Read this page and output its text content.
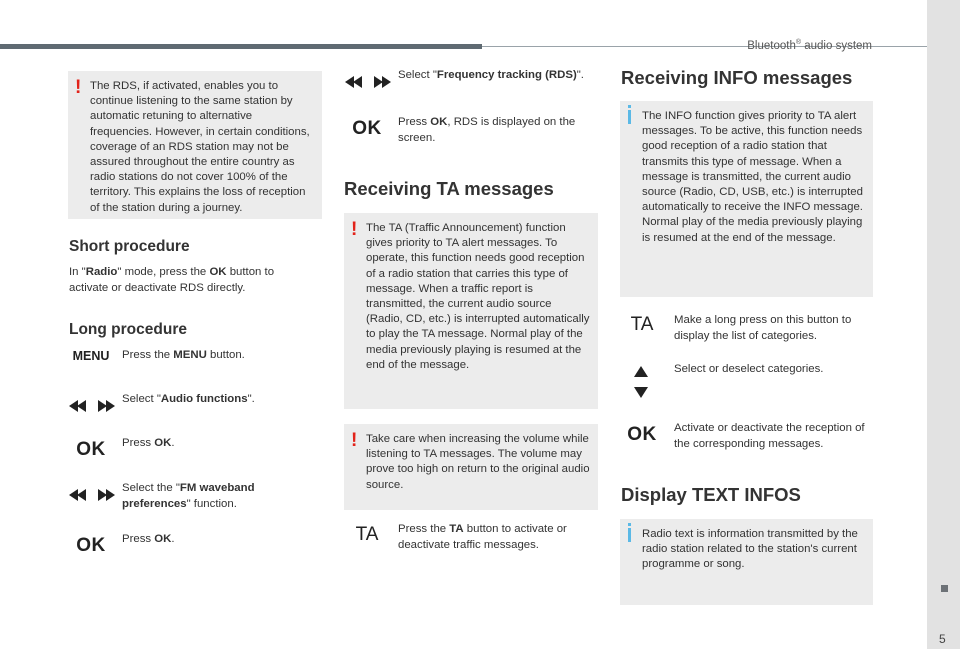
Bluetooth® audio system
5
! The RDS, if activated, enables you to continue listening to the same station by automatic retuning to alternative frequencies. However, in certain conditions, coverage of an RDS station may not be assured throughout the entire country as radio stations do not cover 100% of the territory. This explains the loss of reception of the station during a journey.
Short procedure
In "Radio" mode, press the OK button to activate or deactivate RDS directly.
Long procedure
MENU	Press the MENU button.
Select "Audio functions".
OK	Press OK.
Select the "FM waveband preferences" function.
OK	Press OK.
Select "Frequency tracking (RDS)".
OK	Press OK, RDS is displayed on the screen.
Receiving TA messages
! The TA (Traffic Announcement) function gives priority to TA alert messages. To operate, this function needs good reception of a radio station that carries this type of message. When a traffic report is transmitted, the current audio source (Radio, CD, etc.) is interrupted automatically to play the TA message. Normal play of the media previously playing is resumed at the end of the message.
! Take care when increasing the volume while listening to TA messages. The volume may prove too high on return to the original audio source.
TA	Press the TA button to activate or deactivate traffic messages.
Receiving INFO messages
The INFO function gives priority to TA alert messages. To be active, this function needs good reception of a radio station that transmits this type of message. When a message is transmitted, the current audio source (Radio, CD, USB, etc.) is interrupted automatically to receive the INFO message. Normal play of the media previously playing is resumed at the end of the message.
TA	Make a long press on this button to display the list of categories.
Select or deselect categories.
OK	Activate or deactivate the reception of the corresponding messages.
Display TEXT INFOS
Radio text is information transmitted by the radio station related to the station's current programme or song.
